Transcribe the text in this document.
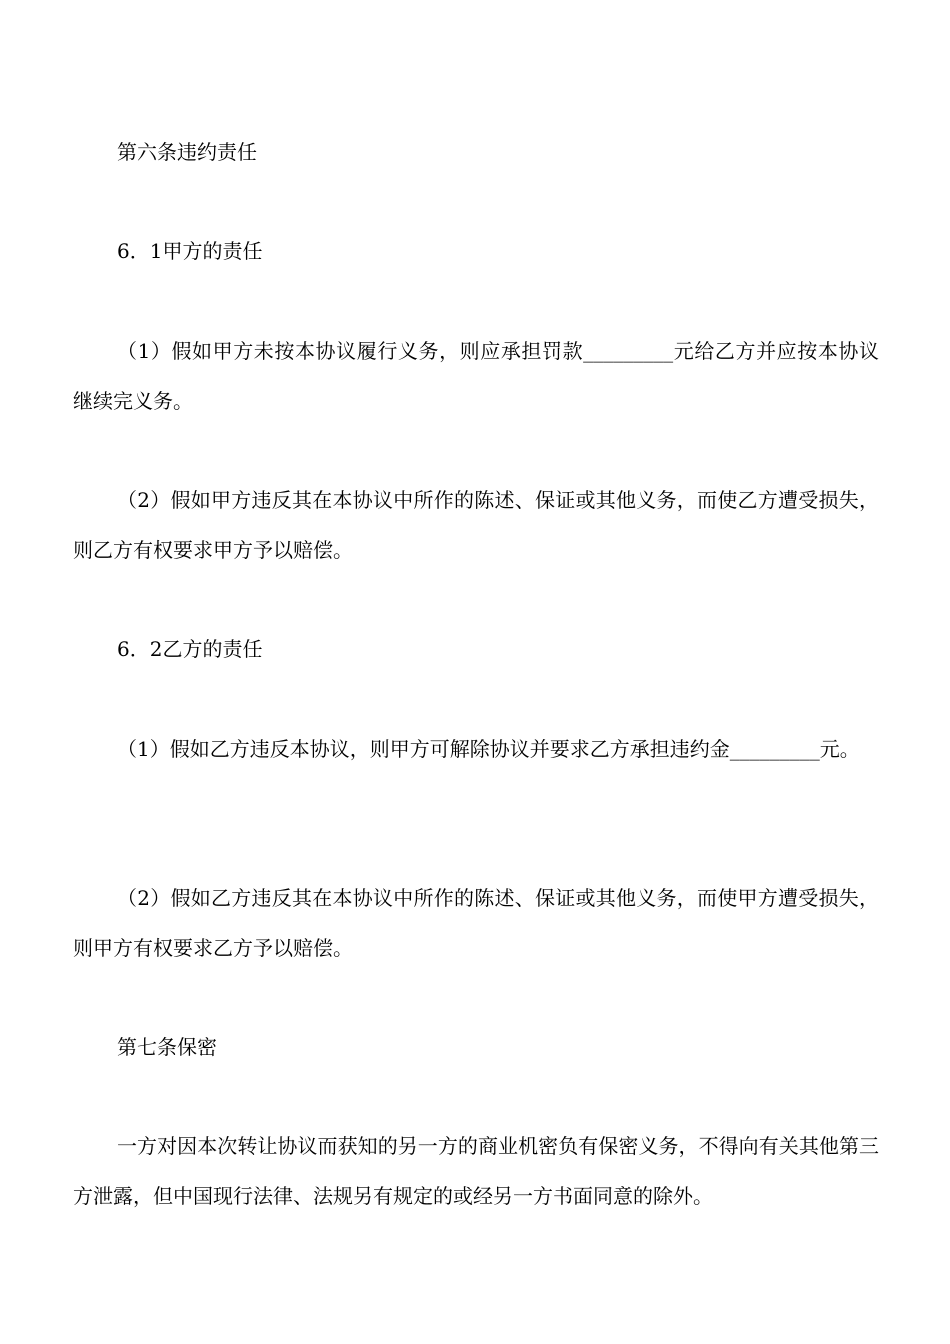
第六条违约责任
6．1甲方的责任
（1）假如甲方未按本协议履行义务，则应承担罚款_________元给乙方并应按本协议继续完义务。
（2）假如甲方违反其在本协议中所作的陈述、保证或其他义务，而使乙方遭受损失，则乙方有权要求甲方予以赔偿。
6．2乙方的责任
（1）假如乙方违反本协议，则甲方可解除协议并要求乙方承担违约金_________元。
（2）假如乙方违反其在本协议中所作的陈述、保证或其他义务，而使甲方遭受损失，则甲方有权要求乙方予以赔偿。
第七条保密
一方对因本次转让协议而获知的另一方的商业机密负有保密义务，不得向有关其他第三方泄露，但中国现行法律、法规另有规定的或经另一方书面同意的除外。
